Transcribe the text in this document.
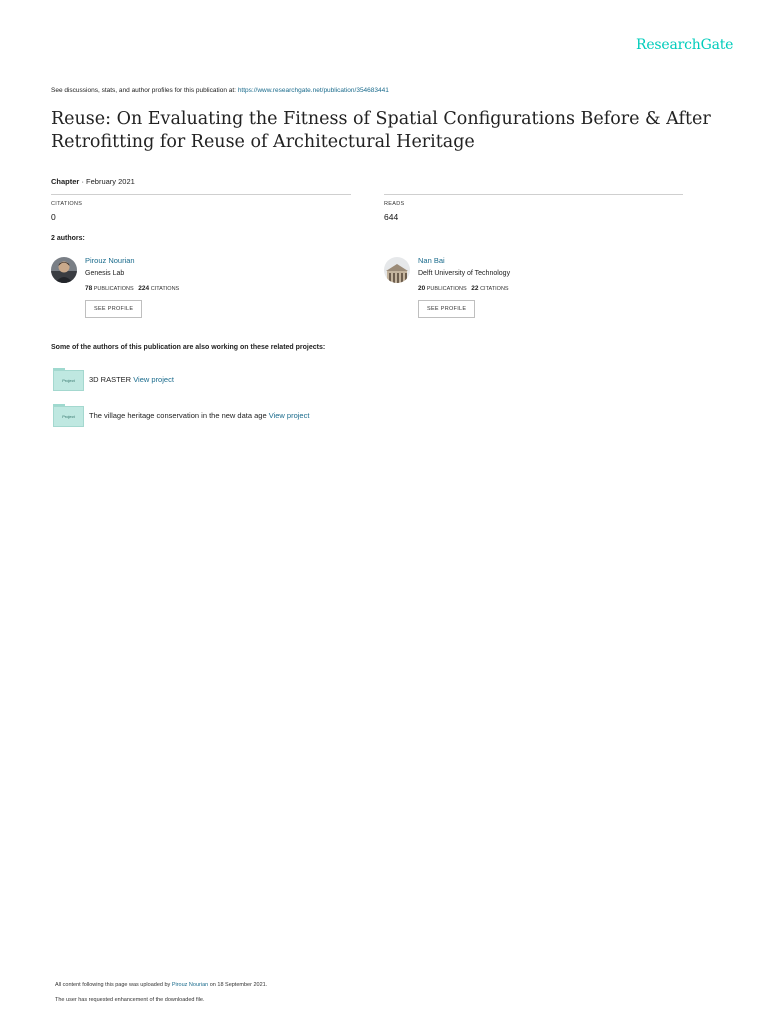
ResearchGate
See discussions, stats, and author profiles for this publication at: https://www.researchgate.net/publication/354683441
Reuse: On Evaluating the Fitness of Spatial Configurations Before & After Retrofitting for Reuse of Architectural Heritage
Chapter · February 2021
CITATIONS
0
READS
644
2 authors:
Pirouz Nourian
Genesis Lab
78 PUBLICATIONS 224 CITATIONS
SEE PROFILE
Nan Bai
Delft University of Technology
20 PUBLICATIONS 22 CITATIONS
SEE PROFILE
Some of the authors of this publication are also working on these related projects:
Project	3D RASTER View project
Project	The village heritage conservation in the new data age View project
All content following this page was uploaded by Pirouz Nourian on 18 September 2021.
The user has requested enhancement of the downloaded file.
